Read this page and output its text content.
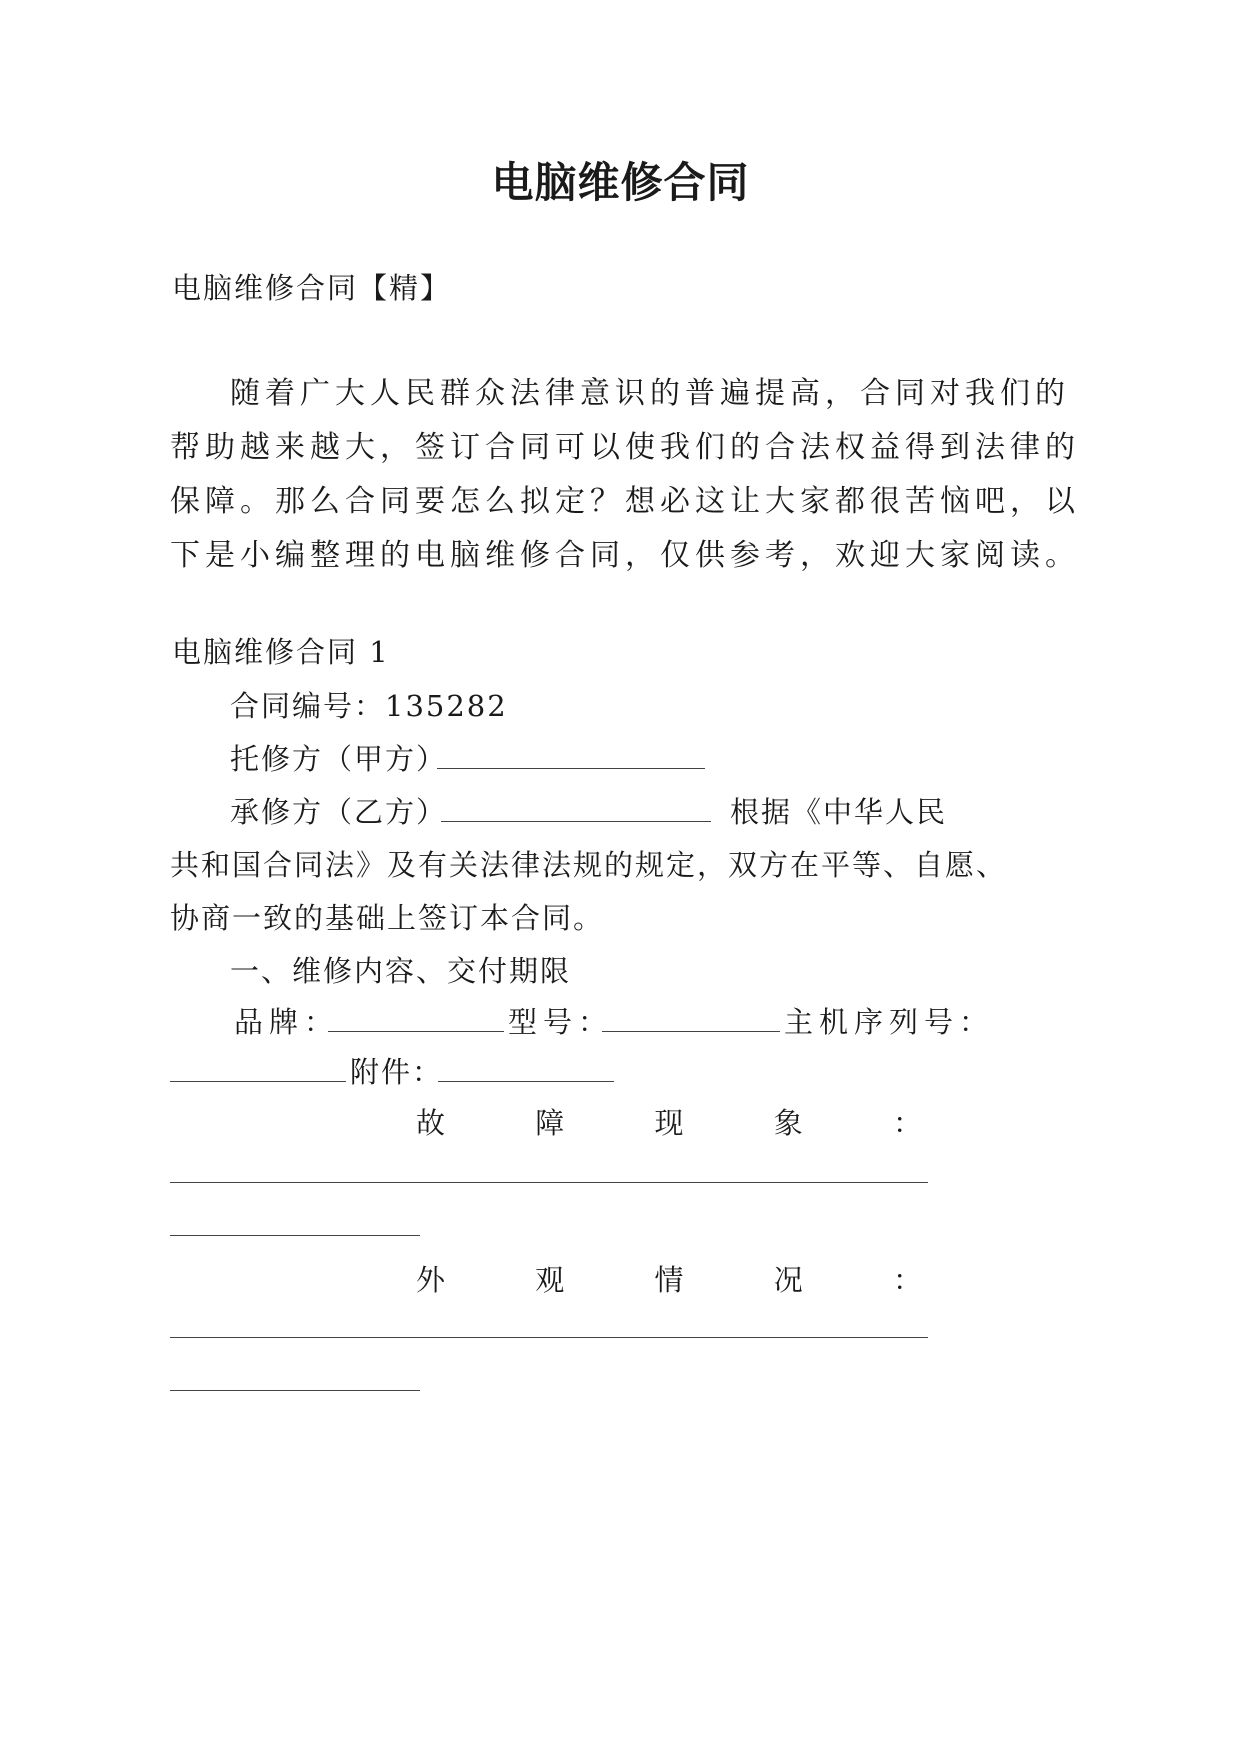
电脑维修合同
电脑维修合同【精】
随着广大人民群众法律意识的普遍提高，合同对我们的
帮助越来越大，签订合同可以使我们的合法权益得到法律的
保障。那么合同要怎么拟定？想必这让大家都很苦恼吧，以
下是小编整理的电脑维修合同，仅供参考，欢迎大家阅读。
电脑维修合同 1
合同编号：135282
托修方（甲方）
承修方（乙方）	根据《中华人民
共和国合同法》及有关法律法规的规定，双方在平等、自愿、
协商一致的基础上签订本合同。
一、维修内容、交付期限
品牌：	型号：	主机序列号：
附件：
故	障	现	象	：
外	观	情	况	：
